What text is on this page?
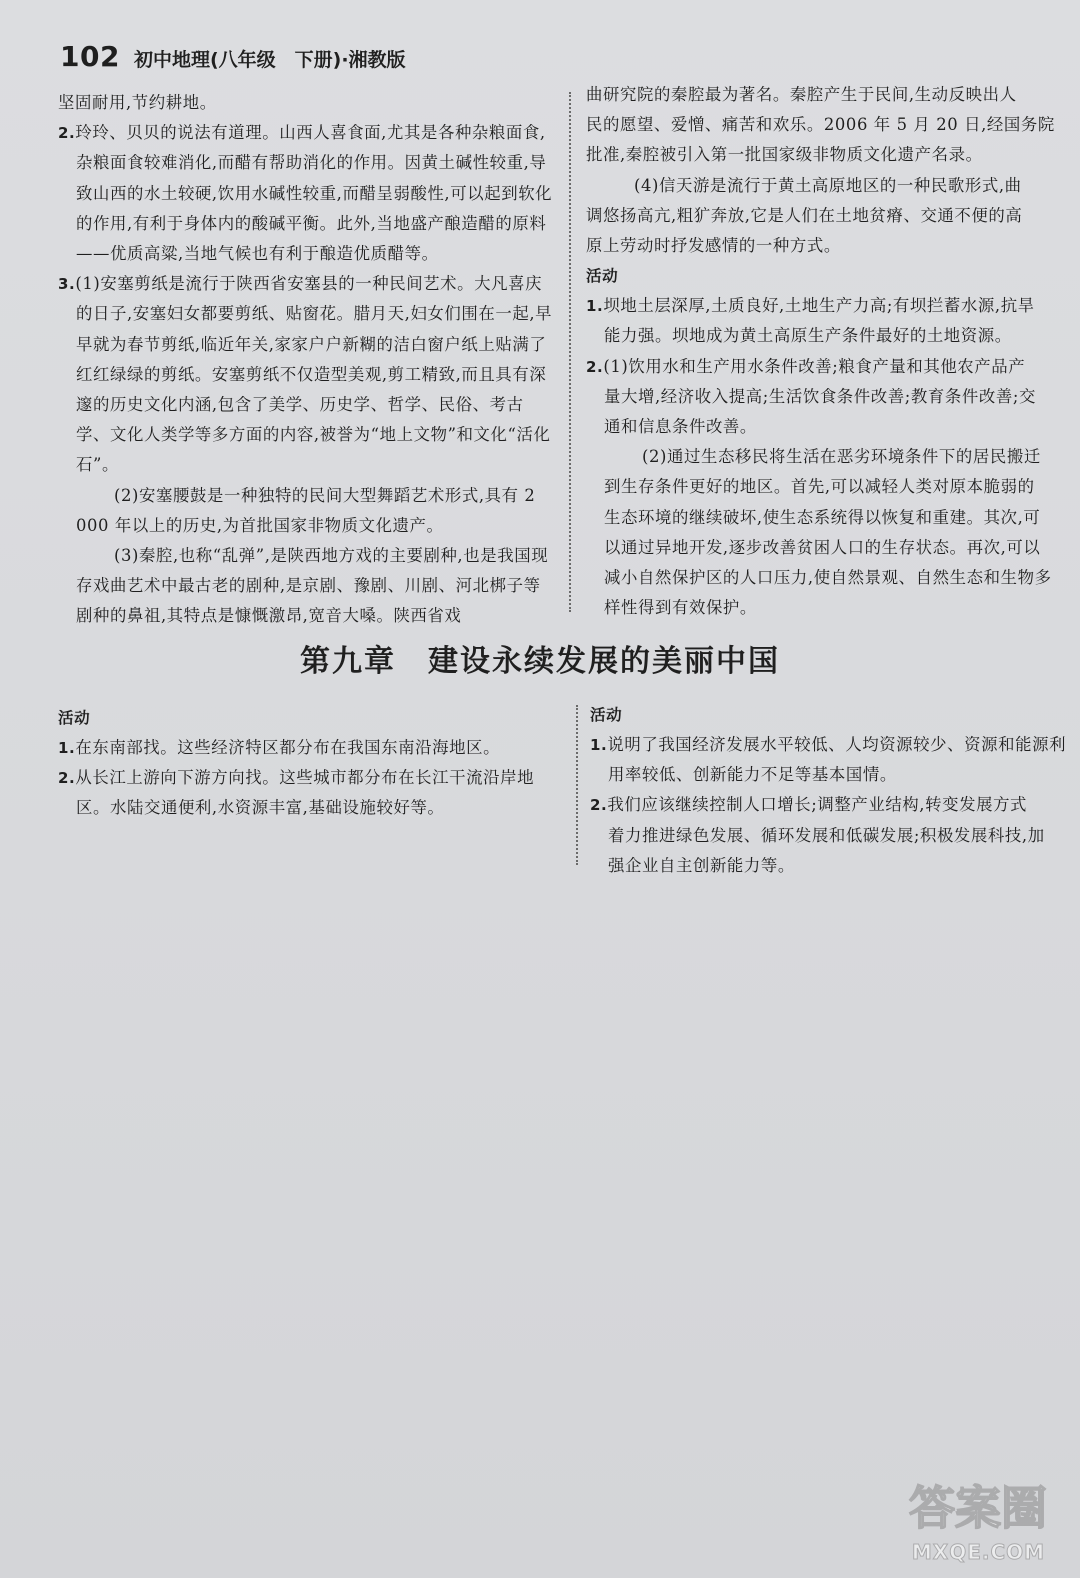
102 初中地理(八年级　下册)·湘教版

坚固耐用,节约耕地。

2.玲玲、贝贝的说法有道理。山西人喜食面,尤其是各种杂粮面食,杂粮面食较难消化,而醋有帮助消化的作用。因黄土碱性较重,导致山西的水土较硬,饮用水碱性较重,而醋呈弱酸性,可以起到软化的作用,有利于身体内的酸碱平衡。此外,当地盛产酿造醋的原料——优质高粱,当地气候也有利于酿造优质醋等。

3.(1)安塞剪纸是流行于陕西省安塞县的一种民间艺术。大凡喜庆的日子,安塞妇女都要剪纸、贴窗花。腊月天,妇女们围在一起,早早就为春节剪纸,临近年关,家家户户新糊的洁白窗户纸上贴满了红红绿绿的剪纸。安塞剪纸不仅造型美观,剪工精致,而且具有深邃的历史文化内涵,包含了美学、历史学、哲学、民俗、考古学、文化人类学等多方面的内容,被誉为“地上文物”和文化“活化石”。

(2)安塞腰鼓是一种独特的民间大型舞蹈艺术形式,具有 2 000 年以上的历史,为首批国家非物质文化遗产。

(3)秦腔,也称“乱弹”,是陕西地方戏的主要剧种,也是我国现存戏曲艺术中最古老的剧种,是京剧、豫剧、川剧、河北梆子等剧种的鼻祖,其特点是慷慨激昂,宽音大嗓。陕西省戏

曲研究院的秦腔最为著名。秦腔产生于民间,生动反映出人

民的愿望、爱憎、痛苦和欢乐。2006 年 5 月 20 日,经国务院

批准,秦腔被引入第一批国家级非物质文化遗产名录。

(4)信天游是流行于黄土高原地区的一种民歌形式,曲

调悠扬高亢,粗犷奔放,它是人们在土地贫瘠、交通不便的高

原上劳动时抒发感情的一种方式。

活动

1.坝地土层深厚,土质良好,土地生产力高;有坝拦蓄水源,抗旱

能力强。坝地成为黄土高原生产条件最好的土地资源。

2.(1)饮用水和生产用水条件改善;粮食产量和其他农产品产

量大增,经济收入提高;生活饮食条件改善;教育条件改善;交

通和信息条件改善。

(2)通过生态移民将生活在恶劣环境条件下的居民搬迁

到生存条件更好的地区。首先,可以减轻人类对原本脆弱的

生态环境的继续破坏,使生态系统得以恢复和重建。其次,可

以通过异地开发,逐步改善贫困人口的生存状态。再次,可以

减小自然保护区的人口压力,使自然景观、自然生态和生物多

样性得到有效保护。

第九章　建设永续发展的美丽中国

活动

1.在东南部找。这些经济特区都分布在我国东南沿海地区。

2.从长江上游向下游方向找。这些城市都分布在长江干流沿岸地区。水陆交通便利,水资源丰富,基础设施较好等。

活动

1.说明了我国经济发展水平较低、人均资源较少、资源和能源利

用率较低、创新能力不足等基本国情。

2.我们应该继续控制人口增长;调整产业结构,转变发展方式

着力推进绿色发展、循环发展和低碳发展;积极发展科技,加

强企业自主创新能力等。

答案圈
MXQE.COM
